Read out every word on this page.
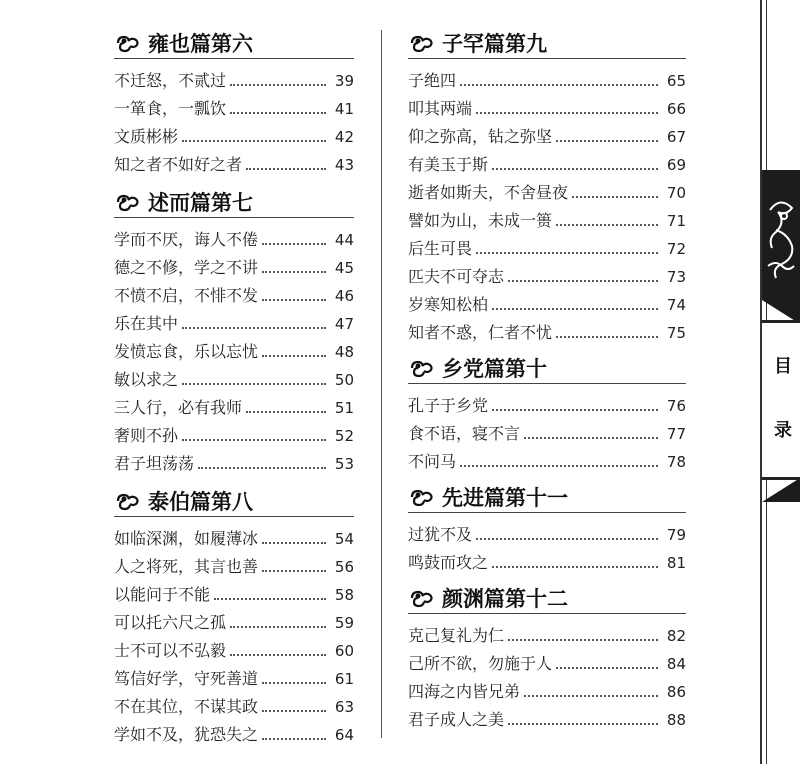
雍也篇第六
不迁怒，不贰过	39
一箪食，一瓢饮	41
文质彬彬	42
知之者不如好之者	43
述而篇第七
学而不厌，诲人不倦	44
德之不修，学之不讲	45
不愤不启，不悱不发	46
乐在其中	47
发愤忘食，乐以忘忧	48
敏以求之	50
三人行，必有我师	51
奢则不孙	52
君子坦荡荡	53
泰伯篇第八
如临深渊，如履薄冰	54
人之将死，其言也善	56
以能问于不能	58
可以托六尺之孤	59
士不可以不弘毅	60
笃信好学，守死善道	61
不在其位，不谋其政	63
学如不及，犹恐失之	64
子罕篇第九
子绝四	65
叩其两端	66
仰之弥高，钻之弥坚	67
有美玉于斯	69
逝者如斯夫，不舍昼夜	70
譬如为山，未成一篑	71
后生可畏	72
匹夫不可夺志	73
岁寒知松柏	74
知者不惑，仁者不忧	75
乡党篇第十
孔子于乡党	76
食不语，寝不言	77
不问马	78
先进篇第十一
过犹不及	79
鸣鼓而攻之	81
颜渊篇第十二
克己复礼为仁	82
己所不欲，勿施于人	84
四海之内皆兄弟	86
君子成人之美	88
目
录
